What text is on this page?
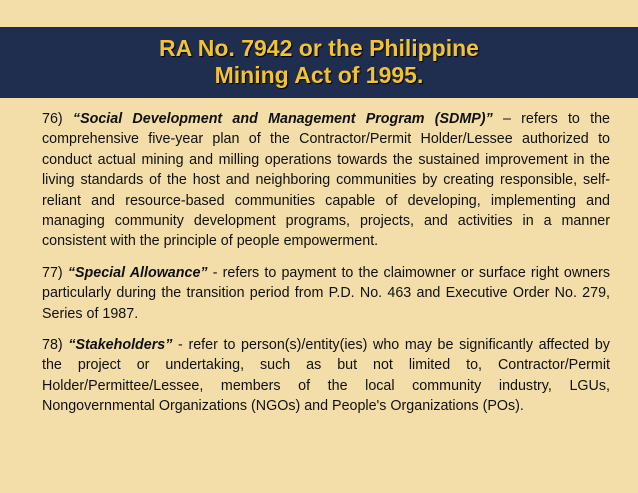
RA No. 7942 or the Philippine
Mining Act of 1995.

76) “Social Development and Management Program (SDMP)” – refers to the comprehensive five-year plan of the Contractor/Permit Holder/Lessee authorized to conduct actual mining and milling operations towards the sustained improvement in the living standards of the host and neighboring communities by creating responsible, self-reliant and resource-based communities capable of developing, implementing and managing community development programs, projects, and activities in a manner consistent with the principle of people empowerment.

77) “Special Allowance” - refers to payment to the claimowner or surface right owners particularly during the transition period from P.D. No. 463 and Executive Order No. 279, Series of 1987.

78) “Stakeholders” - refer to person(s)/entity(ies) who may be significantly affected by the project or undertaking, such as but not limited to, Contractor/Permit Holder/Permittee/Lessee, members of the local community industry, LGUs, Nongovernmental Organizations (NGOs) and People's Organizations (POs).
